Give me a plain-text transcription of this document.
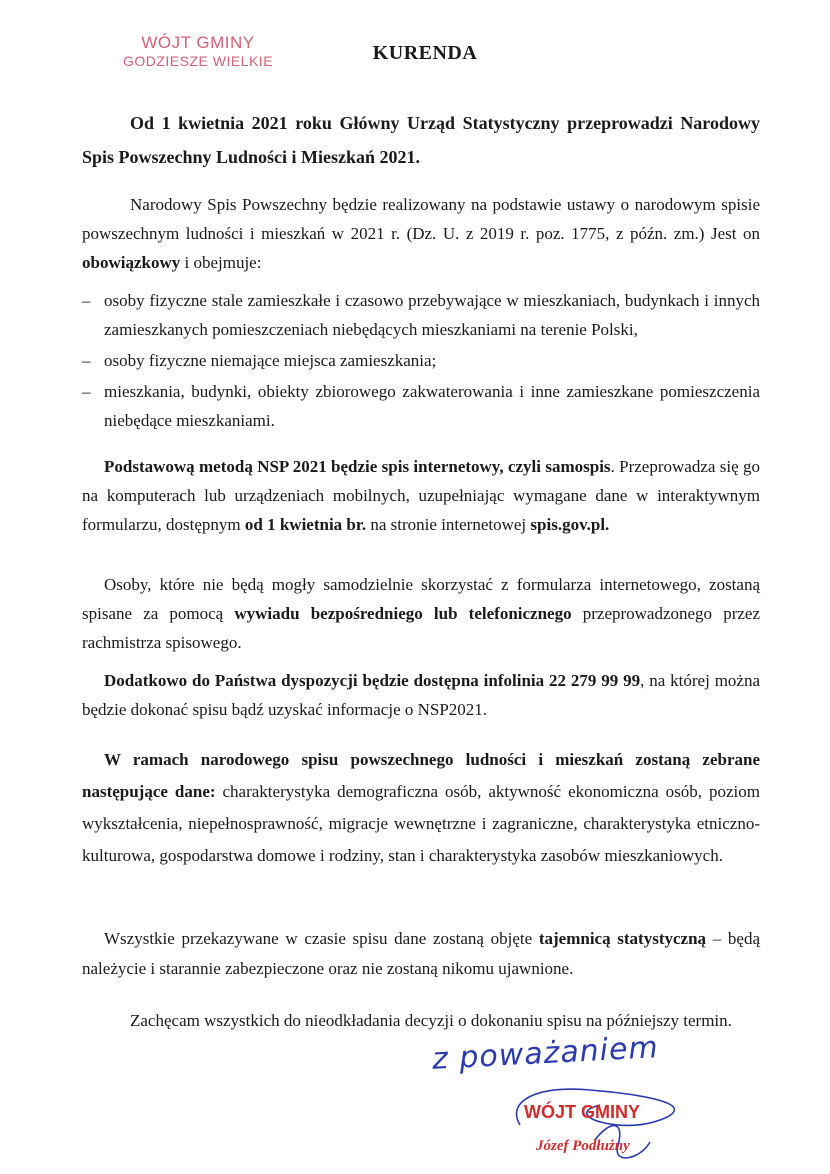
WÓJT GMINY
GODZIESZE WIELKIE	KURENDA
Od 1 kwietnia 2021 roku Główny Urząd Statystyczny przeprowadzi Narodowy Spis Powszechny Ludności i Mieszkań 2021.
Narodowy Spis Powszechny będzie realizowany na podstawie ustawy o narodowym spisie powszechnym ludności i mieszkań w 2021 r. (Dz. U. z 2019 r. poz. 1775, z późn. zm.) Jest on obowiązkowy i obejmuje:
– osoby fizyczne stale zamieszkałe i czasowo przebywające w mieszkaniach, budynkach i innych zamieszkanych pomieszczeniach niebędących mieszkaniami na terenie Polski,
– osoby fizyczne niemające miejsca zamieszkania;
– mieszkania, budynki, obiekty zbiorowego zakwaterowania i inne zamieszkane pomieszczenia niebędące mieszkaniami.
Podstawową metodą NSP 2021 będzie spis internetowy, czyli samospis. Przeprowadza się go na komputerach lub urządzeniach mobilnych, uzupełniając wymagane dane w interaktywnym formularzu, dostępnym od 1 kwietnia br. na stronie internetowej spis.gov.pl.
Osoby, które nie będą mogły samodzielnie skorzystać z formularza internetowego, zostaną spisane za pomocą wywiadu bezpośredniego lub telefonicznego przeprowadzonego przez rachmistrza spisowego.
Dodatkowo do Państwa dyspozycji będzie dostępna infolinia 22 279 99 99, na której można będzie dokonać spisu bądź uzyskać informacje o NSP2021.
W ramach narodowego spisu powszechnego ludności i mieszkań zostaną zebrane następujące dane: charakterystyka demograficzna osób, aktywność ekonomiczna osób, poziom wykształcenia, niepełnosprawność, migracje wewnętrzne i zagraniczne, charakterystyka etniczno-kulturowa, gospodarstwa domowe i rodziny, stan i charakterystyka zasobów mieszkaniowych.
Wszystkie przekazywane w czasie spisu dane zostaną objęte tajemnicą statystyczną – będą należycie i starannie zabezpieczone oraz nie zostaną nikomu ujawnione.
Zachęcam wszystkich do nieodkładania decyzji o dokonaniu spisu na późniejszy termin.
z poważaniem
WÓJT GMINY
Józef Podłużny
